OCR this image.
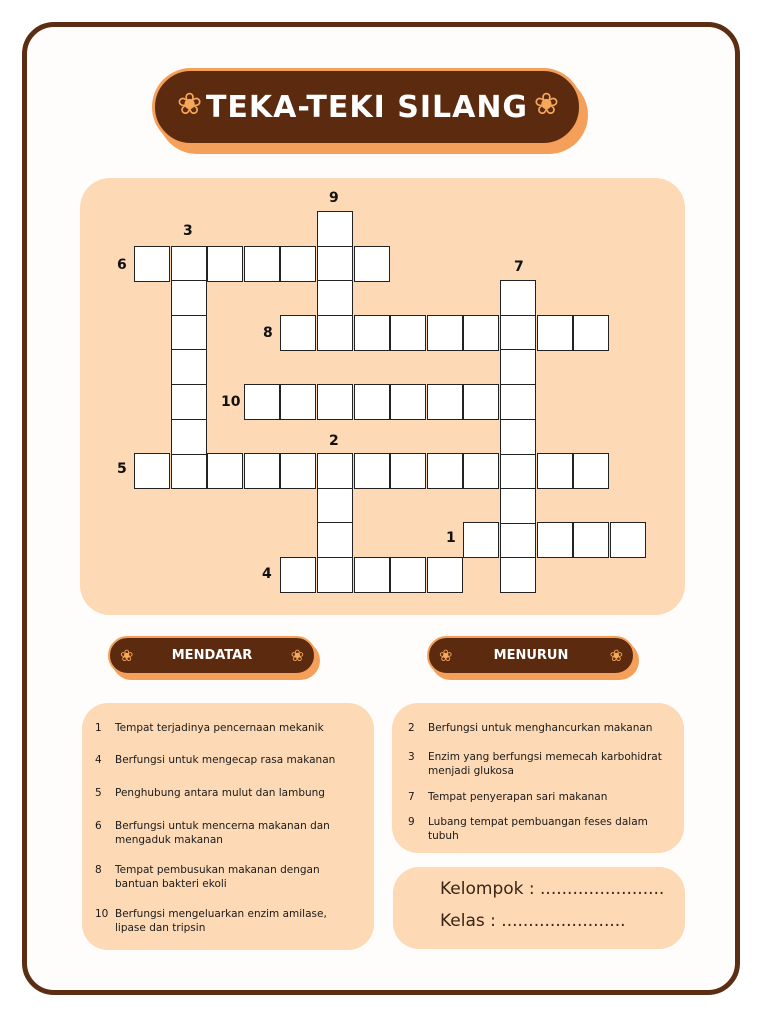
❀ TEKA-TEKI SILANG ❀
9
3
6	7
8
10
2
5
1
4
❀	MENDATAR ❀	❀	MENURUN	❀
1 Tempat terjadinya pencernaan mekanik
4 Berfungsi untuk mengecap rasa makanan
5 Penghubung antara mulut dan lambung
6 Berfungsi untuk mencerna makanan dan mengaduk makanan
8 Tempat pembusukan makanan dengan bantuan bakteri ekoli
10 Berfungsi mengeluarkan enzim amilase, lipase dan tripsin
2 Berfungsi untuk menghancurkan makanan
3 Enzim yang berfungsi memecah karbohidrat menjadi glukosa
7 Tempat penyerapan sari makanan
9 Lubang tempat pembuangan feses dalam tubuh
Kelompok : .......................
Kelas : .......................
